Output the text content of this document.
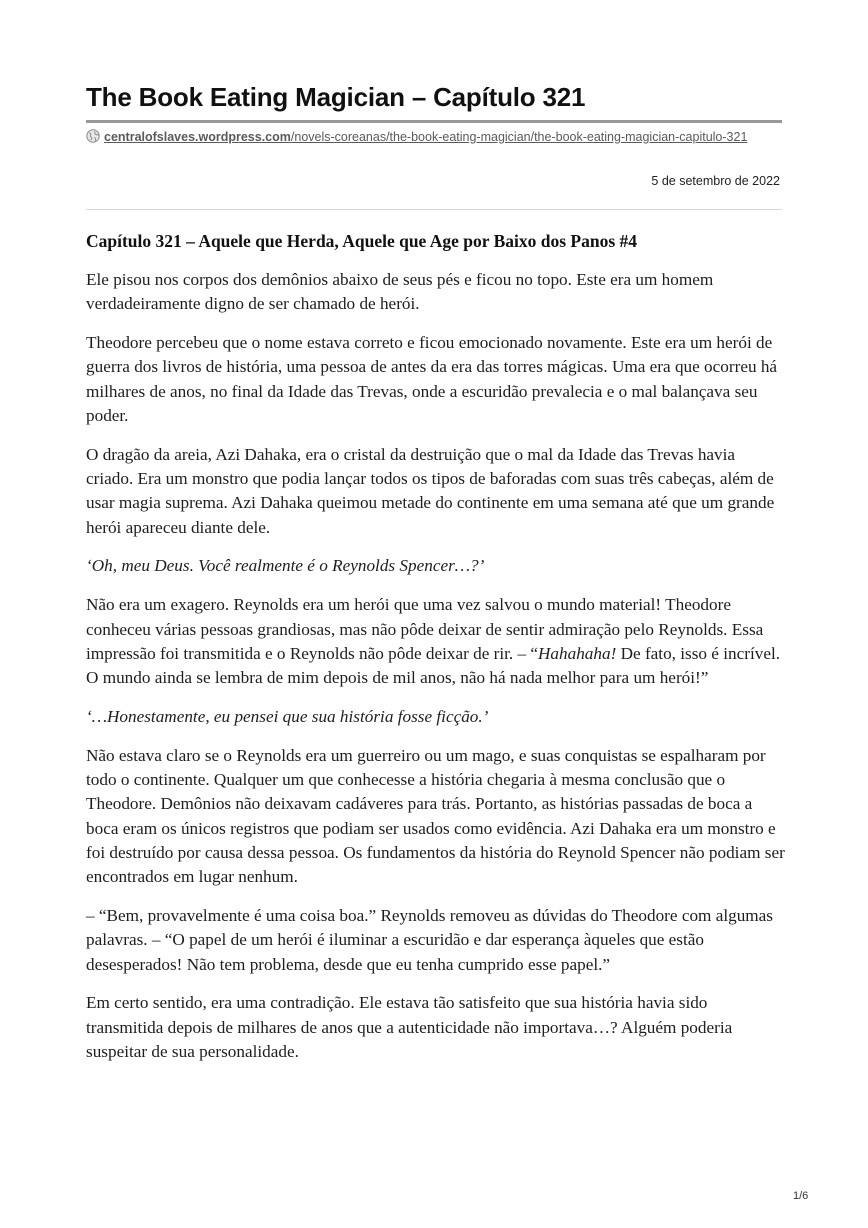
The Book Eating Magician – Capítulo 321
centralofslaves.wordpress.com/novels-coreanas/the-book-eating-magician/the-book-eating-magician-capitulo-321
5 de setembro de 2022
Capítulo 321 – Aquele que Herda, Aquele que Age por Baixo dos Panos #4

Ele pisou nos corpos dos demônios abaixo de seus pés e ficou no topo. Este era um homem verdadeiramente digno de ser chamado de herói.

Theodore percebeu que o nome estava correto e ficou emocionado novamente. Este era um herói de guerra dos livros de história, uma pessoa de antes da era das torres mágicas. Uma era que ocorreu há milhares de anos, no final da Idade das Trevas, onde a escuridão prevalecia e o mal balançava seu poder.

O dragão da areia, Azi Dahaka, era o cristal da destruição que o mal da Idade das Trevas havia criado. Era um monstro que podia lançar todos os tipos de baforadas com suas três cabeças, além de usar magia suprema. Azi Dahaka queimou metade do continente em uma semana até que um grande herói apareceu diante dele.

‘Oh, meu Deus. Você realmente é o Reynolds Spencer…?’

Não era um exagero. Reynolds era um herói que uma vez salvou o mundo material! Theodore conheceu várias pessoas grandiosas, mas não pôde deixar de sentir admiração pelo Reynolds. Essa impressão foi transmitida e o Reynolds não pôde deixar de rir. – “Hahahaha! De fato, isso é incrível. O mundo ainda se lembra de mim depois de mil anos, não há nada melhor para um herói!”

‘…Honestamente, eu pensei que sua história fosse ficção.’

Não estava claro se o Reynolds era um guerreiro ou um mago, e suas conquistas se espalharam por todo o continente. Qualquer um que conhecesse a história chegaria à mesma conclusão que o Theodore. Demônios não deixavam cadáveres para trás. Portanto, as histórias passadas de boca a boca eram os únicos registros que podiam ser usados como evidência. Azi Dahaka era um monstro e foi destruído por causa dessa pessoa. Os fundamentos da história do Reynold Spencer não podiam ser encontrados em lugar nenhum.

– “Bem, provavelmente é uma coisa boa.” Reynolds removeu as dúvidas do Theodore com algumas palavras. – “O papel de um herói é iluminar a escuridão e dar esperança àqueles que estão desesperados! Não tem problema, desde que eu tenha cumprido esse papel.”

Em certo sentido, era uma contradição. Ele estava tão satisfeito que sua história havia sido transmitida depois de milhares de anos que a autenticidade não importava…? Alguém poderia suspeitar de sua personalidade.

1/6
